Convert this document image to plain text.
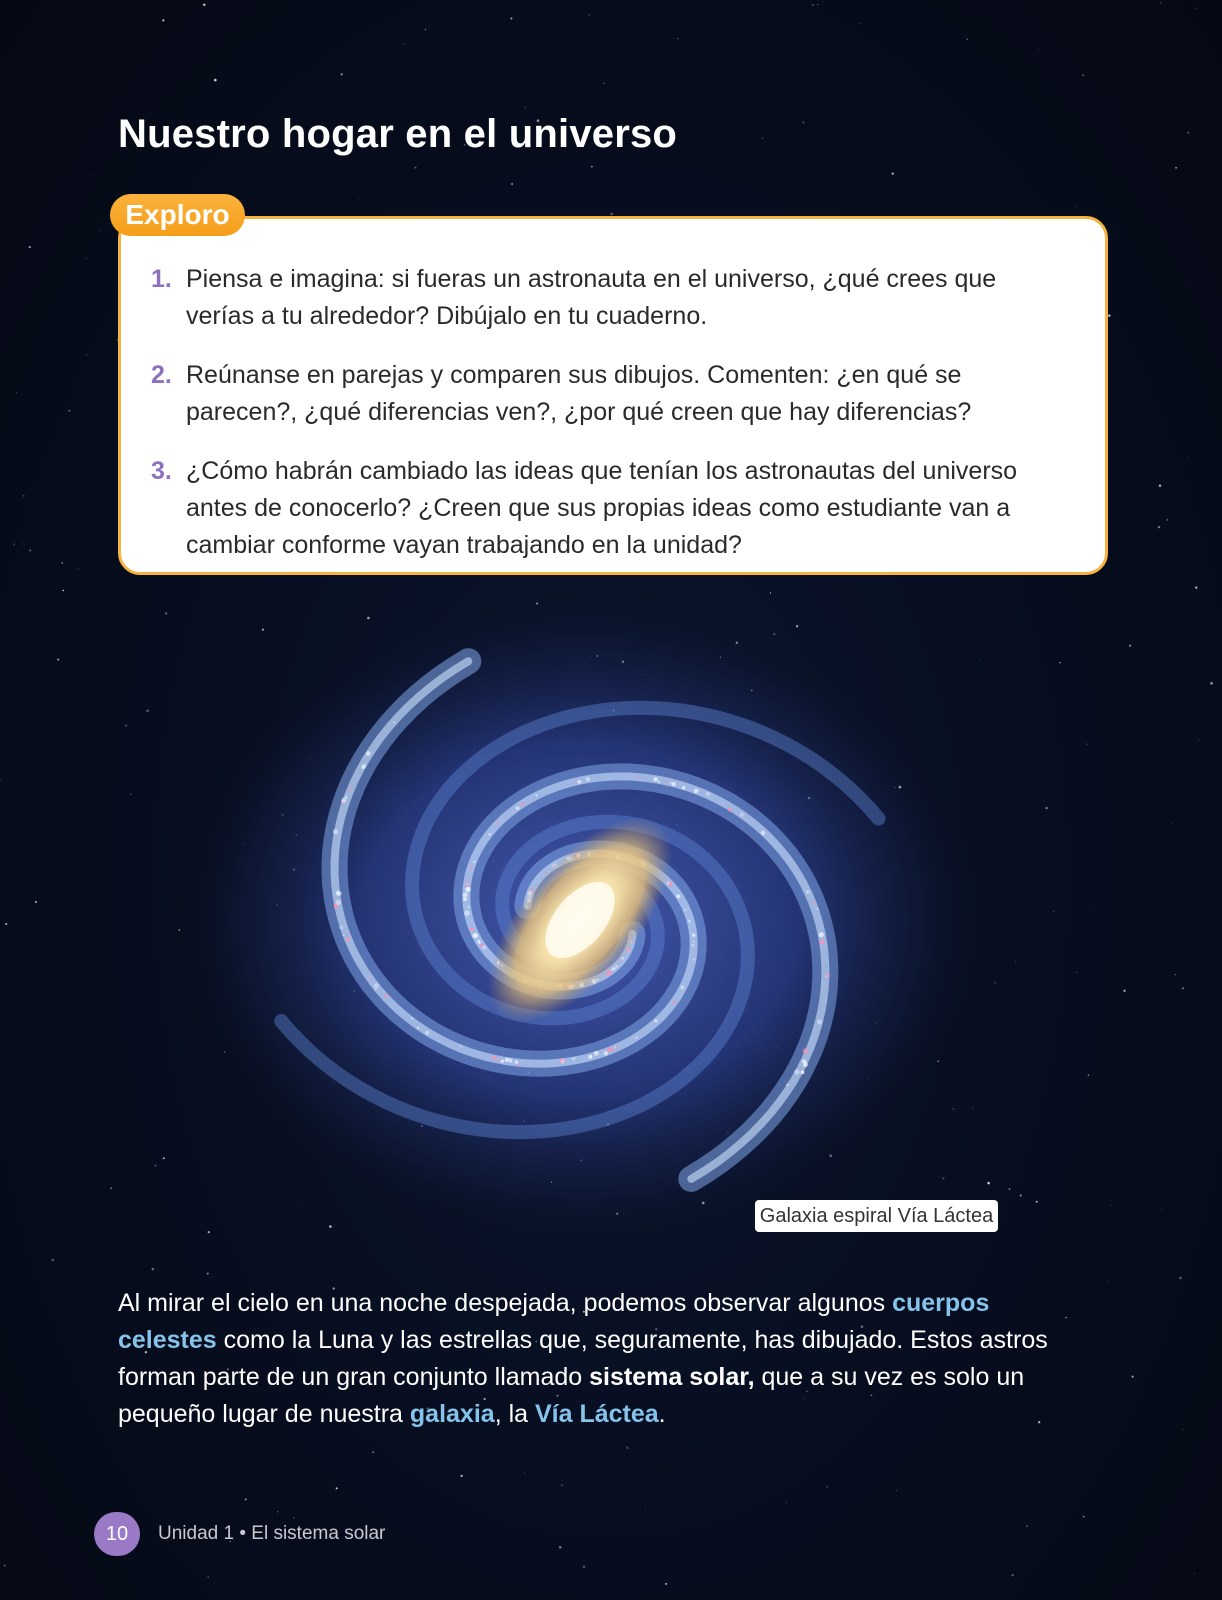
Nuestro hogar en el universo
Exploro
1. Piensa e imagina: si fueras un astronauta en el universo, ¿qué crees que verías a tu alrededor? Dibújalo en tu cuaderno.
2. Reúnanse en parejas y comparen sus dibujos. Comenten: ¿en qué se parecen?, ¿qué diferencias ven?, ¿por qué creen que hay diferencias?
3. ¿Cómo habrán cambiado las ideas que tenían los astronautas del universo antes de conocerlo? ¿Creen que sus propias ideas como estudiante van a cambiar conforme vayan trabajando en la unidad?
Galaxia espiral Vía Láctea

Al mirar el cielo en una noche despejada, podemos observar algunos cuerpos celestes como la Luna y las estrellas que, seguramente, has dibujado. Estos astros forman parte de un gran conjunto llamado sistema solar, que a su vez es solo un pequeño lugar de nuestra galaxia, la Vía Láctea.

10	Unidad 1 • El sistema solar
